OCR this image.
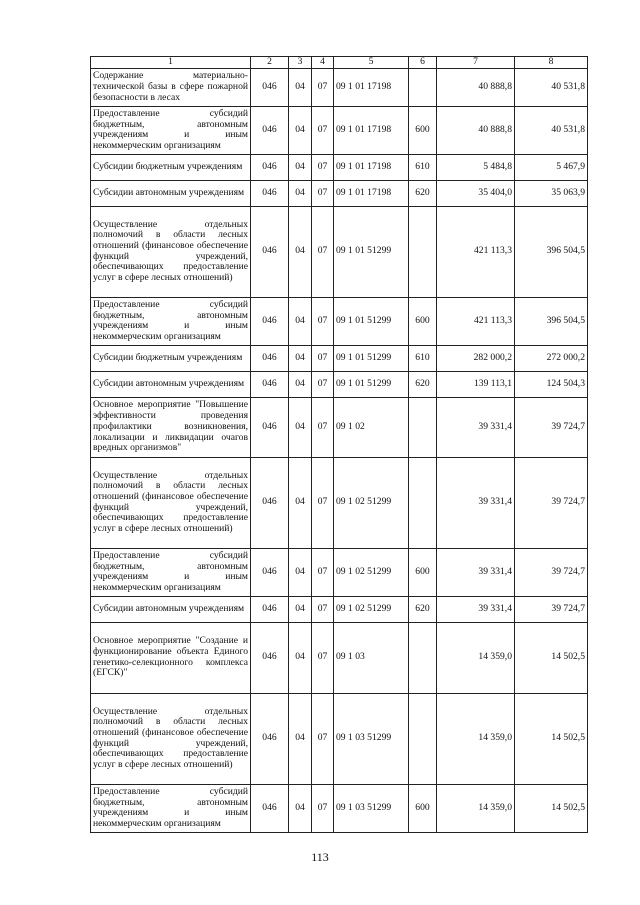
1	2	3	4	5	6	7	8
Содержание материально-технической базы в сфере пожарной безопасности в лесах	046	04	07	09 1 01 17198		40 888,8	40 531,8
Предоставление субсидий бюджетным, автономным учреждениям и иным некоммерческим организациям	046	04	07	09 1 01 17198	600	40 888,8	40 531,8
Субсидии бюджетным учреждениям	046	04	07	09 1 01 17198	610	5 484,8	5 467,9
Субсидии автономным учреждениям	046	04	07	09 1 01 17198	620	35 404,0	35 063,9
Осуществление отдельных полномочий в области лесных отношений (финансовое обеспечение функций учреждений, обеспечивающих предоставление услуг в сфере лесных отношений)	046	04	07	09 1 01 51299		421 113,3	396 504,5
Предоставление субсидий бюджетным, автономным учреждениям и иным некоммерческим организациям	046	04	07	09 1 01 51299	600	421 113,3	396 504,5
Субсидии бюджетным учреждениям	046	04	07	09 1 01 51299	610	282 000,2	272 000,2
Субсидии автономным учреждениям	046	04	07	09 1 01 51299	620	139 113,1	124 504,3
Основное мероприятие "Повышение эффективности проведения профилактики возникновения, локализации и ликвидации очагов вредных организмов"	046	04	07	09 1 02		39 331,4	39 724,7
Осуществление отдельных полномочий в области лесных отношений (финансовое обеспечение функций учреждений, обеспечивающих предоставление услуг в сфере лесных отношений)	046	04	07	09 1 02 51299		39 331,4	39 724,7
Предоставление субсидий бюджетным, автономным учреждениям и иным некоммерческим организациям	046	04	07	09 1 02 51299	600	39 331,4	39 724,7
Субсидии автономным учреждениям	046	04	07	09 1 02 51299	620	39 331,4	39 724,7
Основное мероприятие "Создание и функционирование объекта Единого генетико-селекционного комплекса (ЕГСК)"	046	04	07	09 1 03		14 359,0	14 502,5
Осуществление отдельных полномочий в области лесных отношений (финансовое обеспечение функций учреждений, обеспечивающих предоставление услуг в сфере лесных отношений)	046	04	07	09 1 03 51299		14 359,0	14 502,5
Предоставление субсидий бюджетным, автономным учреждениям и иным некоммерческим организациям	046	04	07	09 1 03 51299	600	14 359,0	14 502,5
113
